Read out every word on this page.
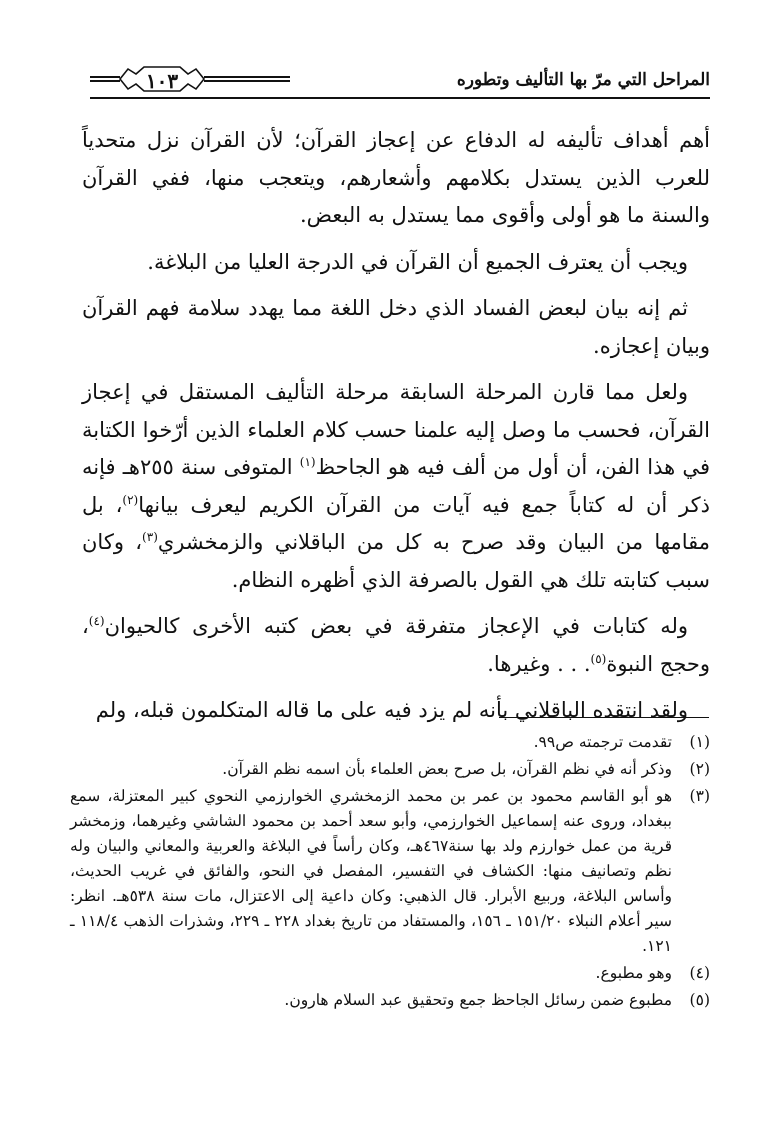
١٠٣	المراحل التي مرّ بها التأليف وتطوره

أهم أهداف تأليفه له الدفاع عن إعجاز القرآن؛ لأن القرآن نزل متحدياً للعرب الذين يستدل بكلامهم وأشعارهم، ويتعجب منها، ففي القرآن والسنة ما هو أولى وأقوى مما يستدل به البعض.

ويجب أن يعترف الجميع أن القرآن في الدرجة العليا من البلاغة.

ثم إنه بيان لبعض الفساد الذي دخل اللغة مما يهدد سلامة فهم القرآن وبيان إعجازه.

ولعل مما قارن المرحلة السابقة مرحلة التأليف المستقل في إعجاز القرآن، فحسب ما وصل إليه علمنا حسب كلام العلماء الذين أرّخوا الكتابة في هذا الفن، أن أول من ألف فيه هو الجاحظ$^{(١)}$ المتوفى سنة ٢٥٥هـ فإنه ذكر أن له كتاباً جمع فيه آيات من القرآن الكريم ليعرف بيانها$^{(٢)}$، بل مقامها من البيان وقد صرح به كل من الباقلاني والزمخشري$^{(٣)}$، وكان سبب كتابته تلك هي القول بالصرفة الذي أظهره النظام.

وله كتابات في الإعجاز متفرقة في بعض كتبه الأخرى كالحيوان$^{(٤)}$، وحجج النبوة$^{(٥)}$. . . وغيرها.

ولقد انتقده الباقلاني بأنه لم يزد فيه على ما قاله المتكلمون قبله، ولم

(١)
تقدمت ترجمته ص٩٩.
(٢)
وذكر أنه في نظم القرآن، بل صرح بعض العلماء بأن اسمه نظم القرآن.
(٣)
هو أبو القاسم محمود بن عمر بن محمد الزمخشري الخوارزمي النحوي كبير المعتزلة، سمع ببغداد، وروى عنه إسماعيل الخوارزمي، وأبو سعد أحمد بن محمود الشاشي وغيرهما، وزمخشر قرية من عمل خوارزم ولد بها سنة٤٦٧هـ، وكان رأساً في البلاغة والعربية والمعاني والبيان وله نظم وتصانيف منها: الكشاف في التفسير، المفصل في النحو، والفائق في غريب الحديث، وأساس البلاغة، وربيع الأبرار. قال الذهبي: وكان داعية إلى الاعتزال، مات سنة ٥٣٨هـ. انظر: سير أعلام النبلاء ١٥١/٢٠ ـ ١٥٦، والمستفاد من تاريخ بغداد ٢٢٨ ـ ٢٢٩، وشذرات الذهب ١١٨/٤ ـ ١٢١.
(٤)
وهو مطبوع.
(٥)
مطبوع ضمن رسائل الجاحظ جمع وتحقيق عبد السلام هارون.
